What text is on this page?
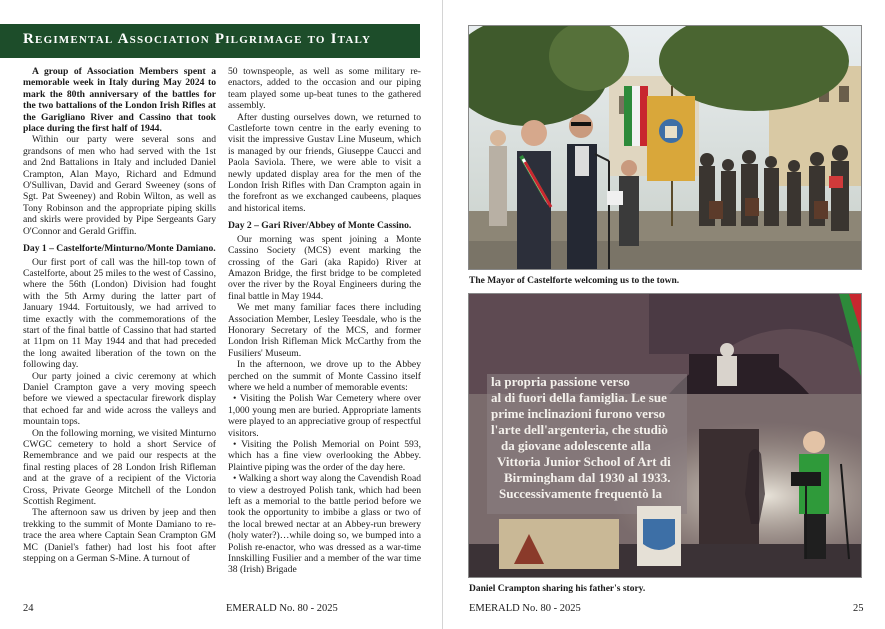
Regimental Association Pilgrimage to Italy

A group of Association Members spent a memorable week in Italy during May 2024 to mark the 80th anniversary of the battles for the two battalions of the London Irish Rifles at the Garigliano River and Cassino that took place during the first half of 1944.

Within our party were several sons and grandsons of men who had served with the 1st and 2nd Battalions in Italy and included Daniel Crampton, Alan Mayo, Richard and Edmund O'Sullivan, David and Gerard Sweeney (sons of Sgt. Pat Sweeney) and Robin Wilton, as well as Tony Robinson and the appropriate piping skills and skirls were provided by Pipe Sergeants Gary O'Connor and Gerald Griffin.

Day 1 – Castelforte/Minturno/Monte Damiano.

Our first port of call was the hill-top town of Castelforte, about 25 miles to the west of Cassino, where the 56th (London) Division had fought with the 5th Army during the latter part of January 1944. Fortuitously, we had arrived to time exactly with the commemorations of the start of the final battle of Cassino that had started at 11pm on 11 May 1944 and that had preceded the long awaited liberation of the town on the following day.

Our party joined a civic ceremony at which Daniel Crampton gave a very moving speech before we viewed a spectacular firework display that echoed far and wide across the valleys and mountain tops.

On the following morning, we visited Minturno CWGC cemetery to hold a short Service of Remembrance and we paid our respects at the final resting places of 28 London Irish Rifleman and at the grave of a recipient of the Victoria Cross, Private George Mitchell of the London Scottish Regiment.

The afternoon saw us driven by jeep and then trekking to the summit of Monte Damiano to re-trace the area where Captain Sean Crampton GM MC (Daniel's father) had lost his foot after stepping on a German S-Mine. A turnout of

50 townspeople, as well as some military re-enactors, added to the occasion and our piping team played some up-beat tunes to the gathered assembly.

After dusting ourselves down, we returned to Castleforte town centre in the early evening to visit the impressive Gustav Line Museum, which is managed by our friends, Giuseppe Caucci and Paola Saviola. There, we were able to visit a newly updated display area for the men of the London Irish Rifles with Dan Crampton again in the forefront as we exchanged caubeens, plaques and historical items.

Day 2 – Gari River/Abbey of Monte Cassino.

Our morning was spent joining a Monte Cassino Society (MCS) event marking the crossing of the Gari (aka Rapido) River at Amazon Bridge, the first bridge to be completed over the river by the Royal Engineers during the final battle in May 1944.

We met many familiar faces there including Association Member, Lesley Teesdale, who is the Honorary Secretary of the MCS, and former London Irish Rifleman Mick McCarthy from the Fusiliers' Museum.

In the afternoon, we drove up to the Abbey perched on the summit of Monte Cassino itself where we held a number of memorable events:

• Visiting the Polish War Cemetery where over 1,000 young men are buried. Appropriate laments were played to an appreciative group of respectful visitors.

• Visiting the Polish Memorial on Point 593, which has a fine view overlooking the Abbey. Plaintive piping was the order of the day here.

• Walking a short way along the Cavendish Road to view a destroyed Polish tank, which had been left as a memorial to the battle period before we took the opportunity to imbibe a glass or two of the local brewed nectar at an Abbey-run brewery (holy water?)…while doing so, we bumped into a Polish re-enactor, who was dressed as a war-time Innskilling Fusilier and a member of the war time 38 (Irish) Brigade

24	EMERALD No. 80 - 2025
The Mayor of Castelforte welcoming us to the town.
la propria passione verso
al di fuori della famiglia. Le sue
prime inclinazioni furono verso
l'arte dell'argenteria, che studiò
da giovane adolescente alla
Vittoria Junior School of Art di
Birmingham dal 1930 al 1933.
Successivamente frequentò la
Daniel Crampton sharing his father's story.
EMERALD No. 80 - 2025	25
